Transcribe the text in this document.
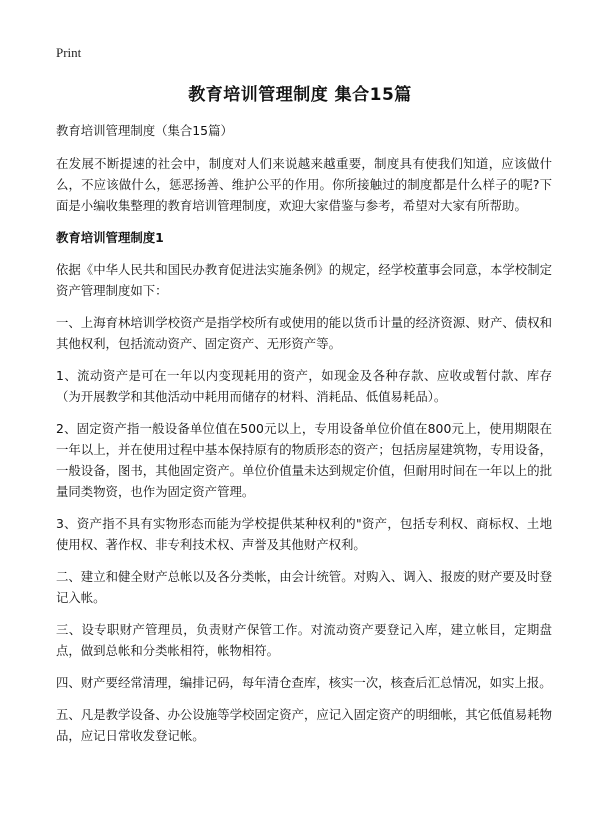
Print
教育培训管理制度 集合15篇

教育培训管理制度（集合15篇）

在发展不断提速的社会中，制度对人们来说越来越重要，制度具有使我们知道，应该做什么，不应该做什么，惩恶扬善、维护公平的作用。你所接触过的制度都是什么样子的呢?下面是小编收集整理的教育培训管理制度，欢迎大家借鉴与参考，希望对大家有所帮助。

教育培训管理制度1

依据《中华人民共和国民办教育促进法实施条例》的规定，经学校董事会同意，本学校制定资产管理制度如下：

一、上海育林培训学校资产是指学校所有或使用的能以货币计量的经济资源、财产、债权和其他权利，包括流动资产、固定资产、无形资产等。

1、流动资产是可在一年以内变现耗用的资产，如现金及各种存款、应收或暂付款、库存（为开展教学和其他活动中耗用而储存的材料、消耗品、低值易耗品）。

2、固定资产指一般设备单位值在500元以上，专用设备单位价值在800元上，使用期限在一年以上，并在使用过程中基本保持原有的物质形态的资产；包括房屋建筑物，专用设备，一般设备，图书，其他固定资产。单位价值量未达到规定价值，但耐用时间在一年以上的批量同类物资，也作为固定资产管理。

3、资产指不具有实物形态而能为学校提供某种权利的"资产，包括专利权、商标权、土地使用权、著作权、非专利技术权、声誉及其他财产权利。

二、建立和健全财产总帐以及各分类帐，由会计统管。对购入、调入、报废的财产要及时登记入帐。

三、设专职财产管理员，负责财产保管工作。对流动资产要登记入库，建立帐目，定期盘点，做到总帐和分类帐相符，帐物相符。

四、财产要经常清理，编排记码，每年清仓查库，核实一次，核查后汇总情况，如实上报。

五、凡是教学设备、办公设施等学校固定资产，应记入固定资产的明细帐，其它低值易耗物品，应记日常收发登记帐。
